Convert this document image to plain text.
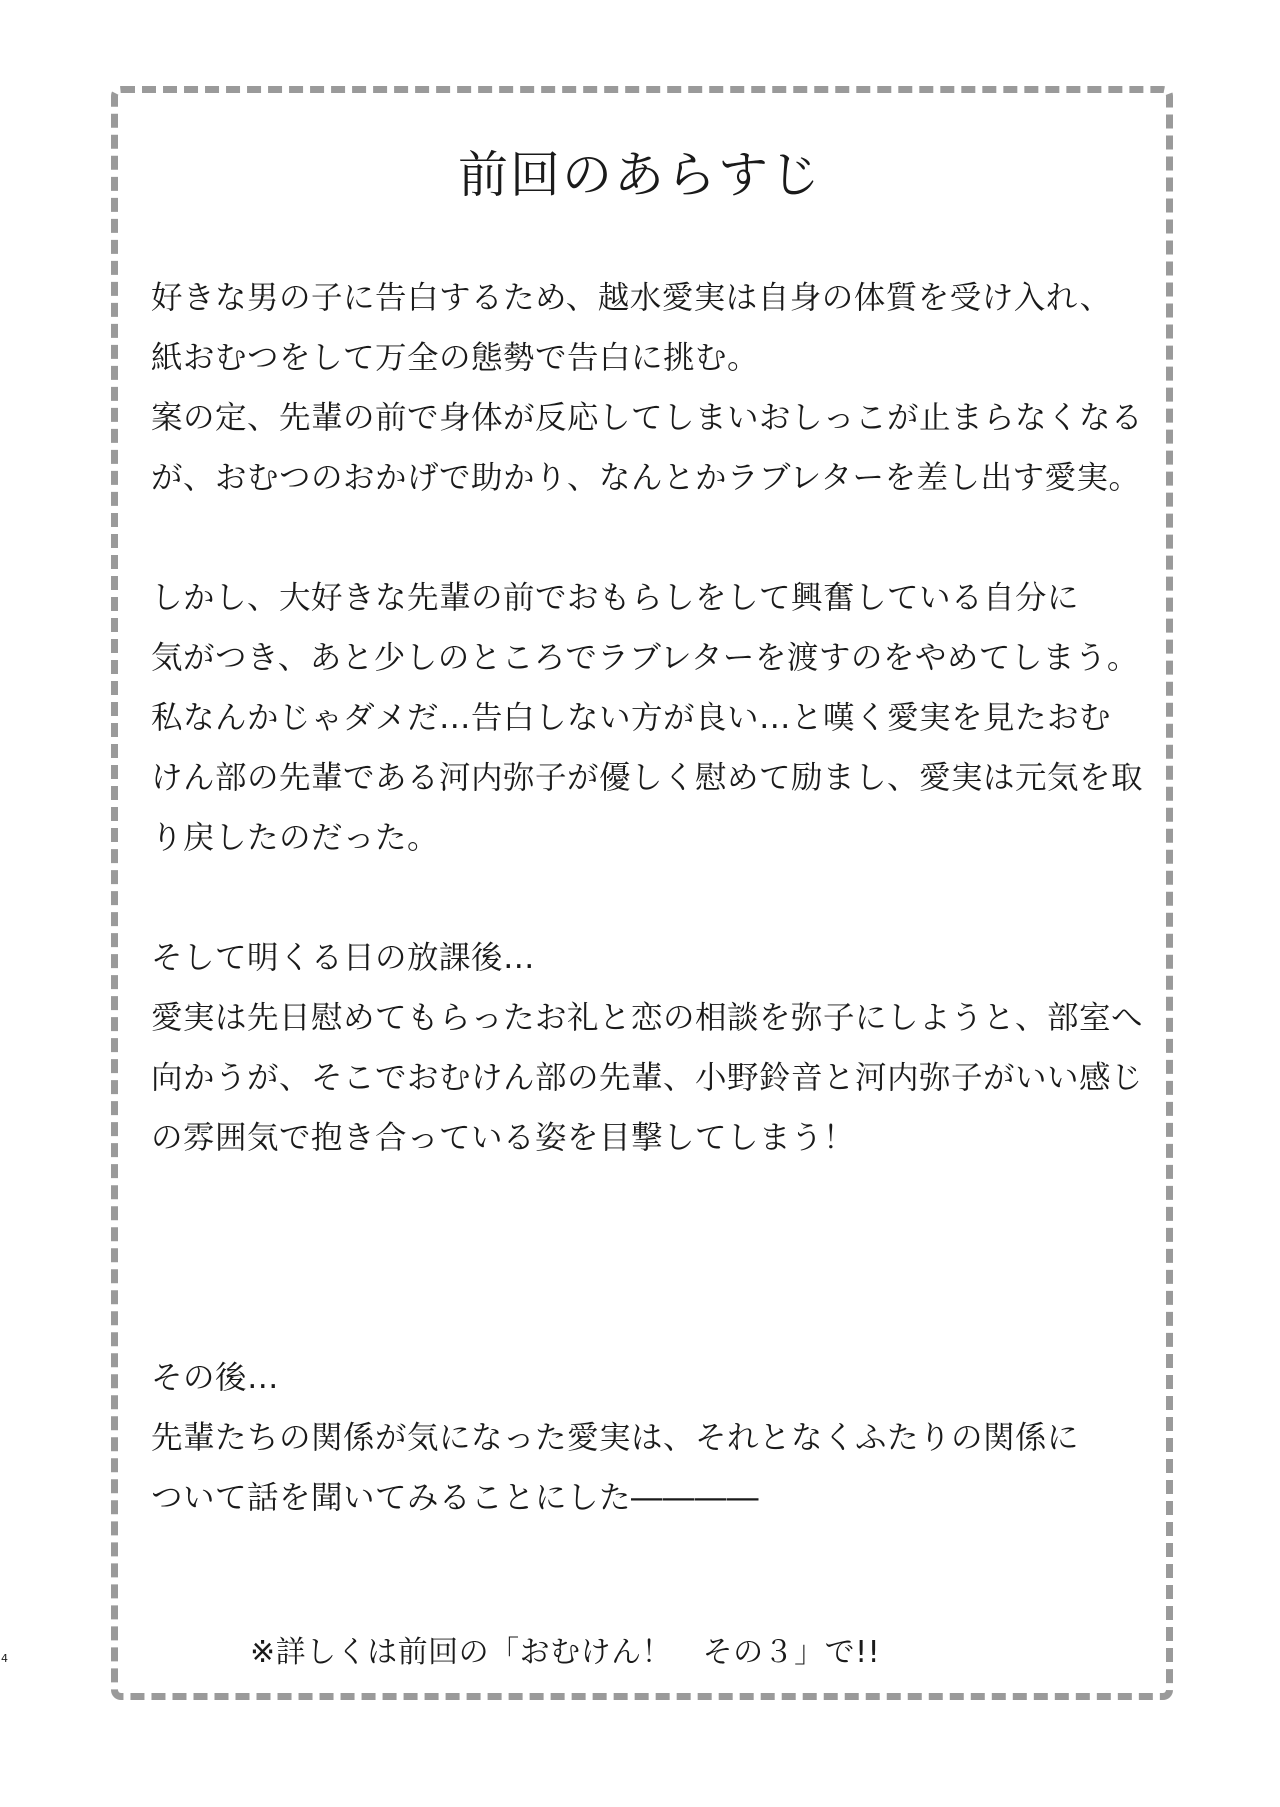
前回のあらすじ
好きな男の子に告白するため、越水愛実は自身の体質を受け入れ、
紙おむつをして万全の態勢で告白に挑む。
案の定、先輩の前で身体が反応してしまいおしっこが止まらなくなる
が、おむつのおかげで助かり、なんとかラブレターを差し出す愛実。
しかし、大好きな先輩の前でおもらしをして興奮している自分に
気がつき、あと少しのところでラブレターを渡すのをやめてしまう。
私なんかじゃダメだ…告白しない方が良い…と嘆く愛実を見たおむ
けん部の先輩である河内弥子が優しく慰めて励まし、愛実は元気を取
り戻したのだった。
そして明くる日の放課後…
愛実は先日慰めてもらったお礼と恋の相談を弥子にしようと、部室へ
向かうが、そこでおむけん部の先輩、小野鈴音と河内弥子がいい感じ
の雰囲気で抱き合っている姿を目撃してしまう！
その後…
先輩たちの関係が気になった愛実は、それとなくふたりの関係に
ついて話を聞いてみることにした――――
※詳しくは前回の「おむけん！　その３」で!!
4
